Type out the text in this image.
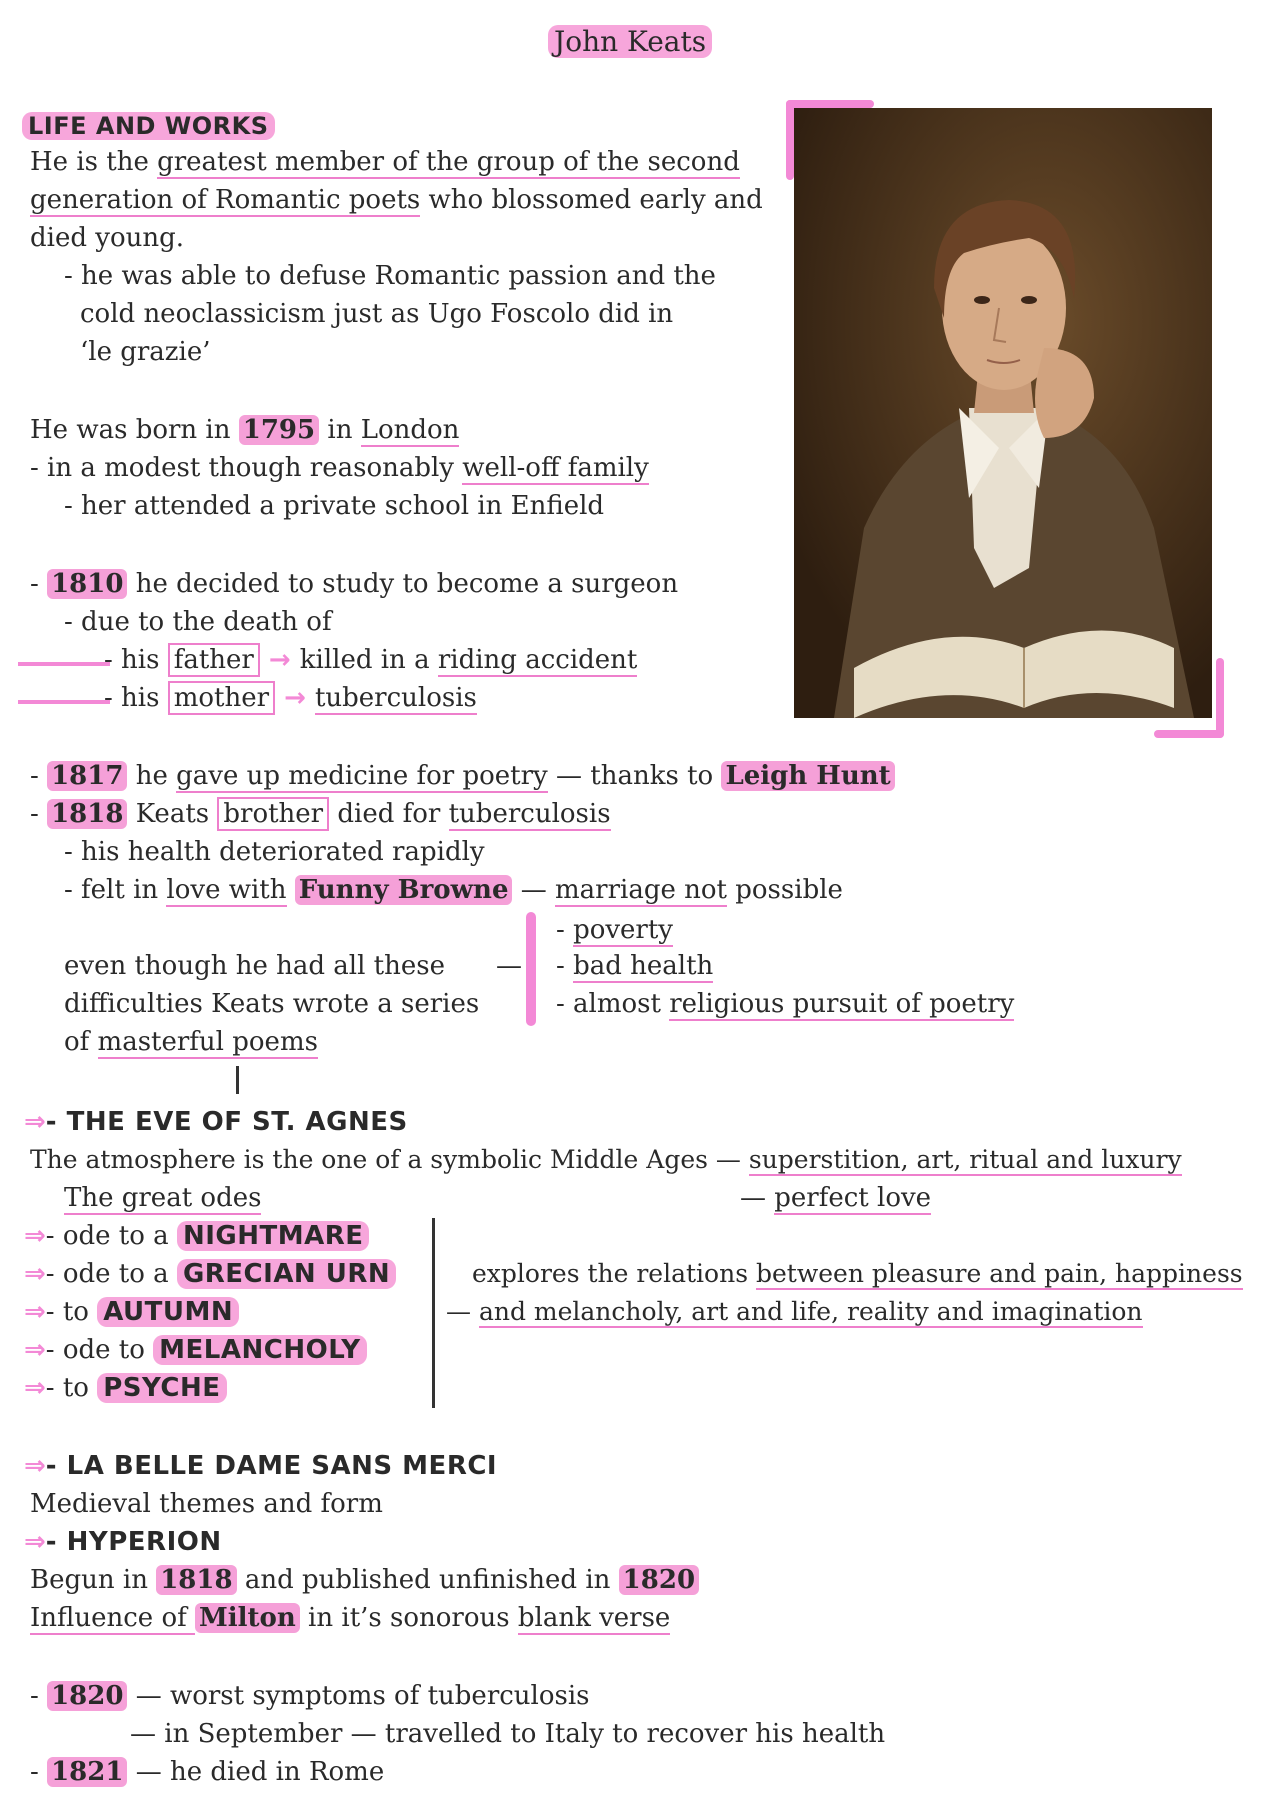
John Keats
LIFE AND WORKS
He is the greatest member of the group of the second
generation of Romantic poets who blossomed early and
died young.
- he was able to defuse Romantic passion and the
cold neoclassicism just as Ugo Foscolo did in
‘le grazie’
He was born in 1795 in London
- in a modest though reasonably well-off family
- her attended a private school in Enfield
- 1810 he decided to study to become a surgeon
- due to the death of
- his father → killed in a riding accident
- his mother → tuberculosis
- 1817 he gave up medicine for poetry — thanks to Leigh Hunt
- 1818 Keats brother died for tuberculosis
- his health deteriorated rapidly
- felt in love with Funny Browne — marriage not possible
- poverty
- bad health
- almost religious pursuit of poetry
even though he had all these —
difficulties Keats wrote a series
of masterful poems
⇒- THE EVE OF ST. AGNES
The atmosphere is the one of a symbolic Middle Ages — superstition, art, ritual and luxury
The great odes	— perfect love
⇒- ode to a NIGHTMARE
⇒- ode to a GRECIAN URN
⇒- to AUTUMN
⇒- ode to MELANCHOLY
⇒- to PSYCHE
explores the relations between pleasure and pain, happiness
— and melancholy, art and life, reality and imagination
⇒- LA BELLE DAME SANS MERCI
Medieval themes and form
⇒- HYPERION
Begun in 1818 and published unfinished in 1820
Influence of Milton in it’s sonorous blank verse
- 1820 — worst symptoms of tuberculosis
— in September — travelled to Italy to recover his health
- 1821 — he died in Rome
